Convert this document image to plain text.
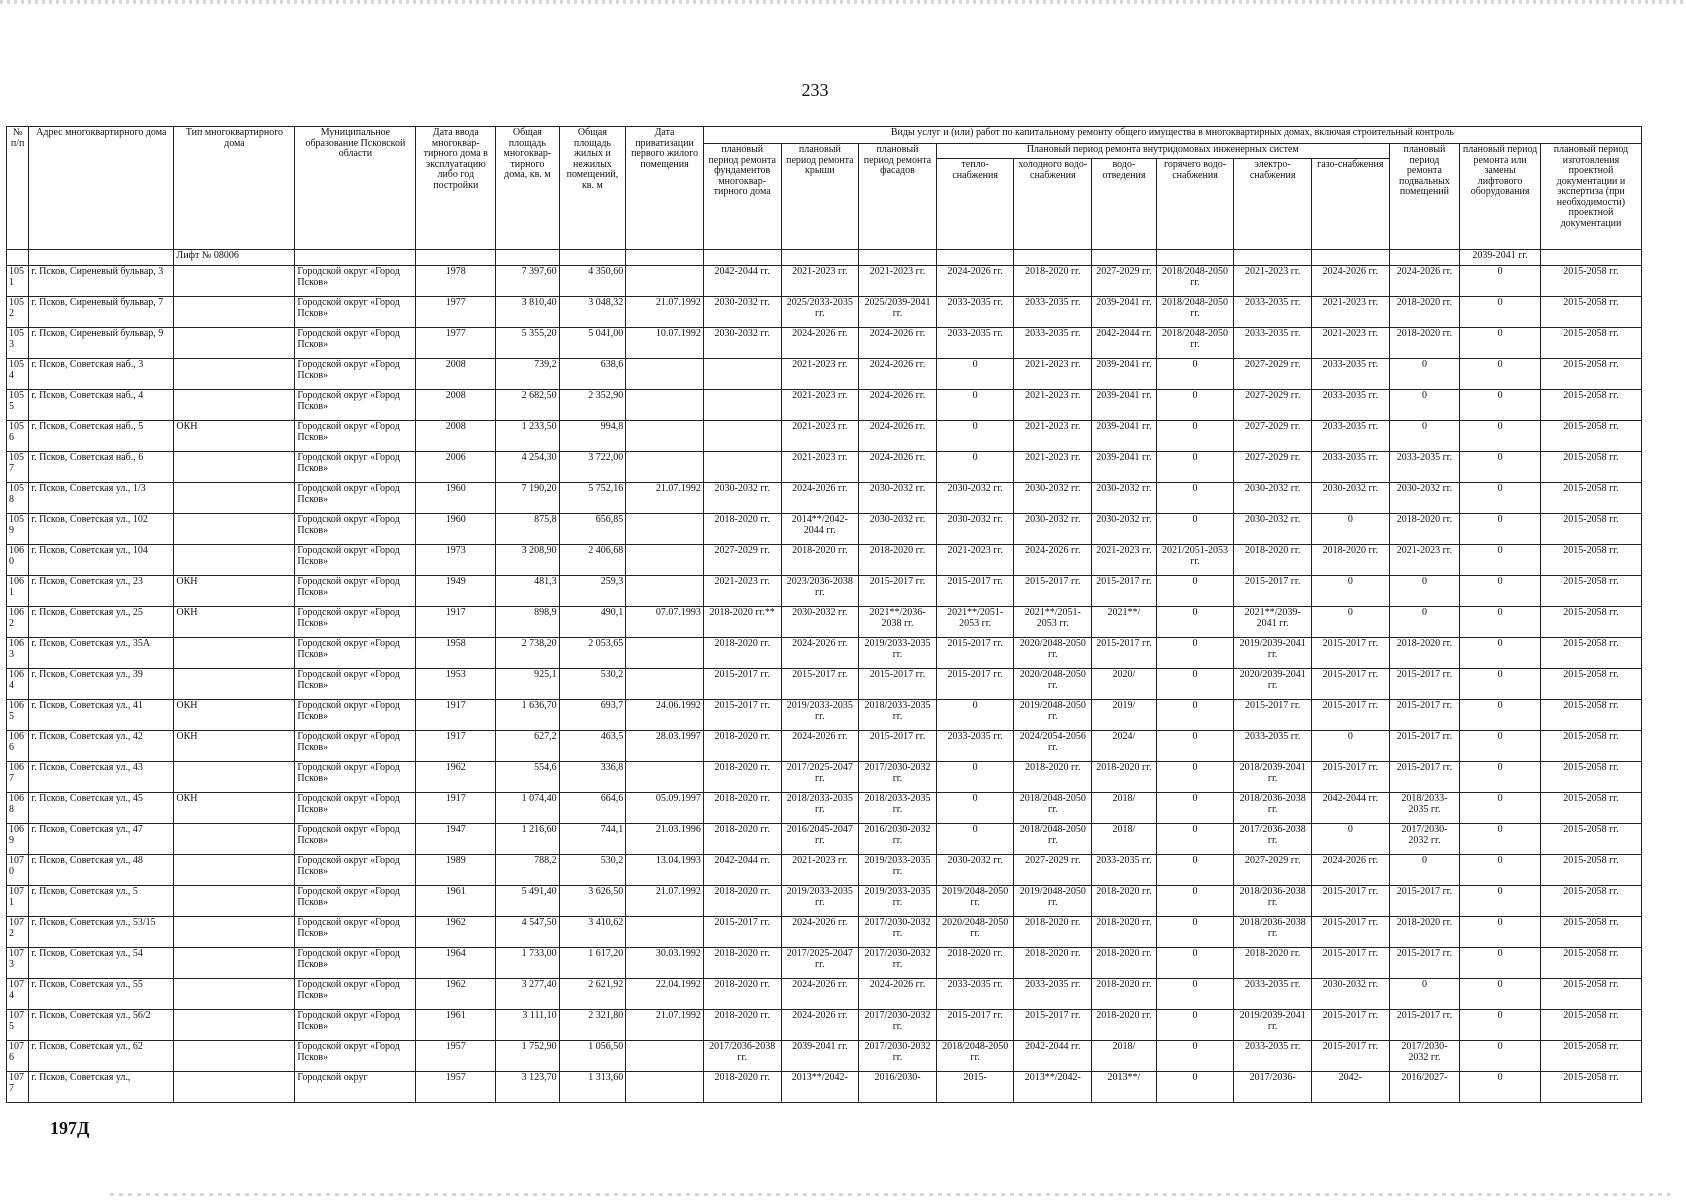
233
№ п/п	Адрес многоквартирного дома	Тип многоквартирного дома	Муниципальное образование Псковской области	Дата ввода многоквар-тирного дома в эксплуатацию либо год постройки	Общая площадь многоквар-тирного дома, кв. м	Общая площадь жилых и нежилых помещений, кв. м	Дата приватизации первого жилого помещения	Виды услуг и (или) работ по капитальному ремонту общего имущества в многоквартирных домах, включая строительный контроль											
								плановый период ремонта фундаментов многоквар-тирного дома	плановый период ремонта крыши	плановый период ремонта фасадов	Плановый период ремонта внутридомовых инженерных систем						плановый период ремонта подвальных помещений	плановый период ремонта или замены лифтового оборудования	плановый период изготовления проектной документации и экспертиза (при необходимости) проектной документации
											тепло-снабжения	холодного водо-снабжения	водо-отведения	горячего водо-снабжения	электро-снабжения	газо-снабжения			
		Лифт № 08006																2039-2041 гг.	
1051	г. Псков, Сиреневый бульвар, 3		Городской округ «Город Псков»	1978	7 397,60	4 350,60		2042-2044 гг.	2021-2023 гг.	2021-2023 гг.	2024-2026 гг.	2018-2020 гг.	2027-2029 гг.	2018/2048-2050 гг.	2021-2023 гг.	2024-2026 гг.	2024-2026 гг.	0	2015-2058 гг.
1052	г. Псков, Сиреневый бульвар, 7		Городской округ «Город Псков»	1977	3 810,40	3 048,32	21.07.1992	2030-2032 гг.	2025/2033-2035 гг.	2025/2039-2041 гг.	2033-2035 гг.	2033-2035 гг.	2039-2041 гг.	2018/2048-2050 гг.	2033-2035 гг.	2021-2023 гг.	2018-2020 гг.	0	2015-2058 гг.
1053	г. Псков, Сиреневый бульвар, 9		Городской округ «Город Псков»	1977	5 355,20	5 041,00	10.07.1992	2030-2032 гг.	2024-2026 гг.	2024-2026 гг.	2033-2035 гг.	2033-2035 гг.	2042-2044 гг.	2018/2048-2050 гг.	2033-2035 гг.	2021-2023 гг.	2018-2020 гг.	0	2015-2058 гг.
1054	г. Псков, Советская наб., 3		Городской округ «Город Псков»	2008	739,2	638,6			2021-2023 гг.	2024-2026 гг.	0	2021-2023 гг.	2039-2041 гг.	0	2027-2029 гг.	2033-2035 гг.	0	0	2015-2058 гг.
1055	г. Псков, Советская наб., 4		Городской округ «Город Псков»	2008	2 682,50	2 352,90			2021-2023 гг.	2024-2026 гг.	0	2021-2023 гг.	2039-2041 гг.	0	2027-2029 гг.	2033-2035 гг.	0	0	2015-2058 гг.
1056	г. Псков, Советская наб., 5	ОКН	Городской округ «Город Псков»	2008	1 233,50	994,8			2021-2023 гг.	2024-2026 гг.	0	2021-2023 гг.	2039-2041 гг.	0	2027-2029 гг.	2033-2035 гг.	0	0	2015-2058 гг.
1057	г. Псков, Советская наб., 6		Городской округ «Город Псков»	2006	4 254,30	3 722,00			2021-2023 гг.	2024-2026 гг.	0	2021-2023 гг.	2039-2041 гг.	0	2027-2029 гг.	2033-2035 гг.	2033-2035 гг.	0	2015-2058 гг.
1058	г. Псков, Советская ул., 1/3		Городской округ «Город Псков»	1960	7 190,20	5 752,16	21.07.1992	2030-2032 гг.	2024-2026 гг.	2030-2032 гг.	2030-2032 гг.	2030-2032 гг.	2030-2032 гг.	0	2030-2032 гг.	2030-2032 гг.	2030-2032 гг.	0	2015-2058 гг.
1059	г. Псков, Советская ул., 102		Городской округ «Город Псков»	1960	875,8	656,85		2018-2020 гг.	2014**/2042-2044 гг.	2030-2032 гг.	2030-2032 гг.	2030-2032 гг.	2030-2032 гг.	0	2030-2032 гг.	0	2018-2020 гг.	0	2015-2058 гг.
1060	г. Псков, Советская ул., 104		Городской округ «Город Псков»	1973	3 208,90	2 406,68		2027-2029 гг.	2018-2020 гг.	2018-2020 гг.	2021-2023 гг.	2024-2026 гг.	2021-2023 гг.	2021/2051-2053 гг.	2018-2020 гг.	2018-2020 гг.	2021-2023 гг.	0	2015-2058 гг.
1061	г. Псков, Советская ул., 23	ОКН	Городской округ «Город Псков»	1949	481,3	259,3		2021-2023 гг.	2023/2036-2038 гг.	2015-2017 гг.	2015-2017 гг.	2015-2017 гг.	2015-2017 гг.	0	2015-2017 гг.	0	0	0	2015-2058 гг.
1062	г. Псков, Советская ул., 25	ОКН	Городской округ «Город Псков»	1917	898,9	490,1	07.07.1993	2018-2020 гг.**	2030-2032 гг.	2021**/2036-2038 гг.	2021**/2051-2053 гг.	2021**/2051-2053 гг.	2021**/	0	2021**/2039-2041 гг.	0	0	0	2015-2058 гг.
1063	г. Псков, Советская ул., 35А		Городской округ «Город Псков»	1958	2 738,20	2 053,65		2018-2020 гг.	2024-2026 гг.	2019/2033-2035 гг.	2015-2017 гг.	2020/2048-2050 гг.	2015-2017 гг.	0	2019/2039-2041 гг.	2015-2017 гг.	2018-2020 гг.	0	2015-2058 гг.
1064	г. Псков, Советская ул., 39		Городской округ «Город Псков»	1953	925,1	530,2		2015-2017 гг.	2015-2017 гг.	2015-2017 гг.	2015-2017 гг.	2020/2048-2050 гг.	2020/	0	2020/2039-2041 гг.	2015-2017 гг.	2015-2017 гг.	0	2015-2058 гг.
1065	г. Псков, Советская ул., 41	ОКН	Городской округ «Город Псков»	1917	1 636,70	693,7	24.06.1992	2015-2017 гг.	2019/2033-2035 гг.	2018/2033-2035 гг.	0	2019/2048-2050 гг.	2019/	0	2015-2017 гг.	2015-2017 гг.	2015-2017 гг.	0	2015-2058 гг.
1066	г. Псков, Советская ул., 42	ОКН	Городской округ «Город Псков»	1917	627,2	463,5	28.03.1997	2018-2020 гг.	2024-2026 гг.	2015-2017 гг.	2033-2035 гг.	2024/2054-2056 гг.	2024/	0	2033-2035 гг.	0	2015-2017 гг.	0	2015-2058 гг.
1067	г. Псков, Советская ул., 43		Городской округ «Город Псков»	1962	554,6	336,8		2018-2020 гг.	2017/2025-2047 гг.	2017/2030-2032 гг.	0	2018-2020 гг.	2018-2020 гг.	0	2018/2039-2041 гг.	2015-2017 гг.	2015-2017 гг.	0	2015-2058 гг.
1068	г. Псков, Советская ул., 45	ОКН	Городской округ «Город Псков»	1917	1 074,40	664,6	05.09.1997	2018-2020 гг.	2018/2033-2035 гг.	2018/2033-2035 гг.	0	2018/2048-2050 гг.	2018/	0	2018/2036-2038 гг.	2042-2044 гг.	2018/2033-2035 гг.	0	2015-2058 гг.
1069	г. Псков, Советская ул., 47		Городской округ «Город Псков»	1947	1 216,60	744,1	21.03.1996	2018-2020 гг.	2016/2045-2047 гг.	2016/2030-2032 гг.	0	2018/2048-2050 гг.	2018/	0	2017/2036-2038 гг.	0	2017/2030-2032 гг.	0	2015-2058 гг.
1070	г. Псков, Советская ул., 48		Городской округ «Город Псков»	1989	788,2	530,2	13.04.1993	2042-2044 гг.	2021-2023 гг.	2019/2033-2035 гг.	2030-2032 гг.	2027-2029 гг.	2033-2035 гг.	0	2027-2029 гг.	2024-2026 гг.	0	0	2015-2058 гг.
1071	г. Псков, Советская ул., 5		Городской округ «Город Псков»	1961	5 491,40	3 626,50	21.07.1992	2018-2020 гг.	2019/2033-2035 гг.	2019/2033-2035 гг.	2019/2048-2050 гг.	2019/2048-2050 гг.	2018-2020 гг.	0	2018/2036-2038 гг.	2015-2017 гг.	2015-2017 гг.	0	2015-2058 гг.
1072	г. Псков, Советская ул., 53/15		Городской округ «Город Псков»	1962	4 547,50	3 410,62		2015-2017 гг.	2024-2026 гг.	2017/2030-2032 гг.	2020/2048-2050 гг.	2018-2020 гг.	2018-2020 гг.	0	2018/2036-2038 гг.	2015-2017 гг.	2018-2020 гг.	0	2015-2058 гг.
1073	г. Псков, Советская ул., 54		Городской округ «Город Псков»	1964	1 733,00	1 617,20	30.03.1992	2018-2020 гг.	2017/2025-2047 гг.	2017/2030-2032 гг.	2018-2020 гг.	2018-2020 гг.	2018-2020 гг.	0	2018-2020 гг.	2015-2017 гг.	2015-2017 гг.	0	2015-2058 гг.
1074	г. Псков, Советская ул., 55		Городской округ «Город Псков»	1962	3 277,40	2 621,92	22.04.1992	2018-2020 гг.	2024-2026 гг.	2024-2026 гг.	2033-2035 гг.	2033-2035 гг.	2018-2020 гг.	0	2033-2035 гг.	2030-2032 гг.	0	0	2015-2058 гг.
1075	г. Псков, Советская ул., 56/2		Городской округ «Город Псков»	1961	3 111,10	2 321,80	21.07.1992	2018-2020 гг.	2024-2026 гг.	2017/2030-2032 гг.	2015-2017 гг.	2015-2017 гг.	2018-2020 гг.	0	2019/2039-2041 гг.	2015-2017 гг.	2015-2017 гг.	0	2015-2058 гг.
1076	г. Псков, Советская ул., 62		Городской округ «Город Псков»	1957	1 752,90	1 056,50		2017/2036-2038 гг.	2039-2041 гг.	2017/2030-2032 гг.	2018/2048-2050 гг.	2042-2044 гг.	2018/	0	2033-2035 гг.	2015-2017 гг.	2017/2030-2032 гг.	0	2015-2058 гг.
1077	г. Псков, Советская ул.,		Городской округ	1957	3 123,70	1 313,60		2018-2020 гг.	2013**/2042-	2016/2030-	2015-	2013**/2042-	2013**/	0	2017/2036-	2042-	2016/2027-	0	2015-2058 гг.
197Д
